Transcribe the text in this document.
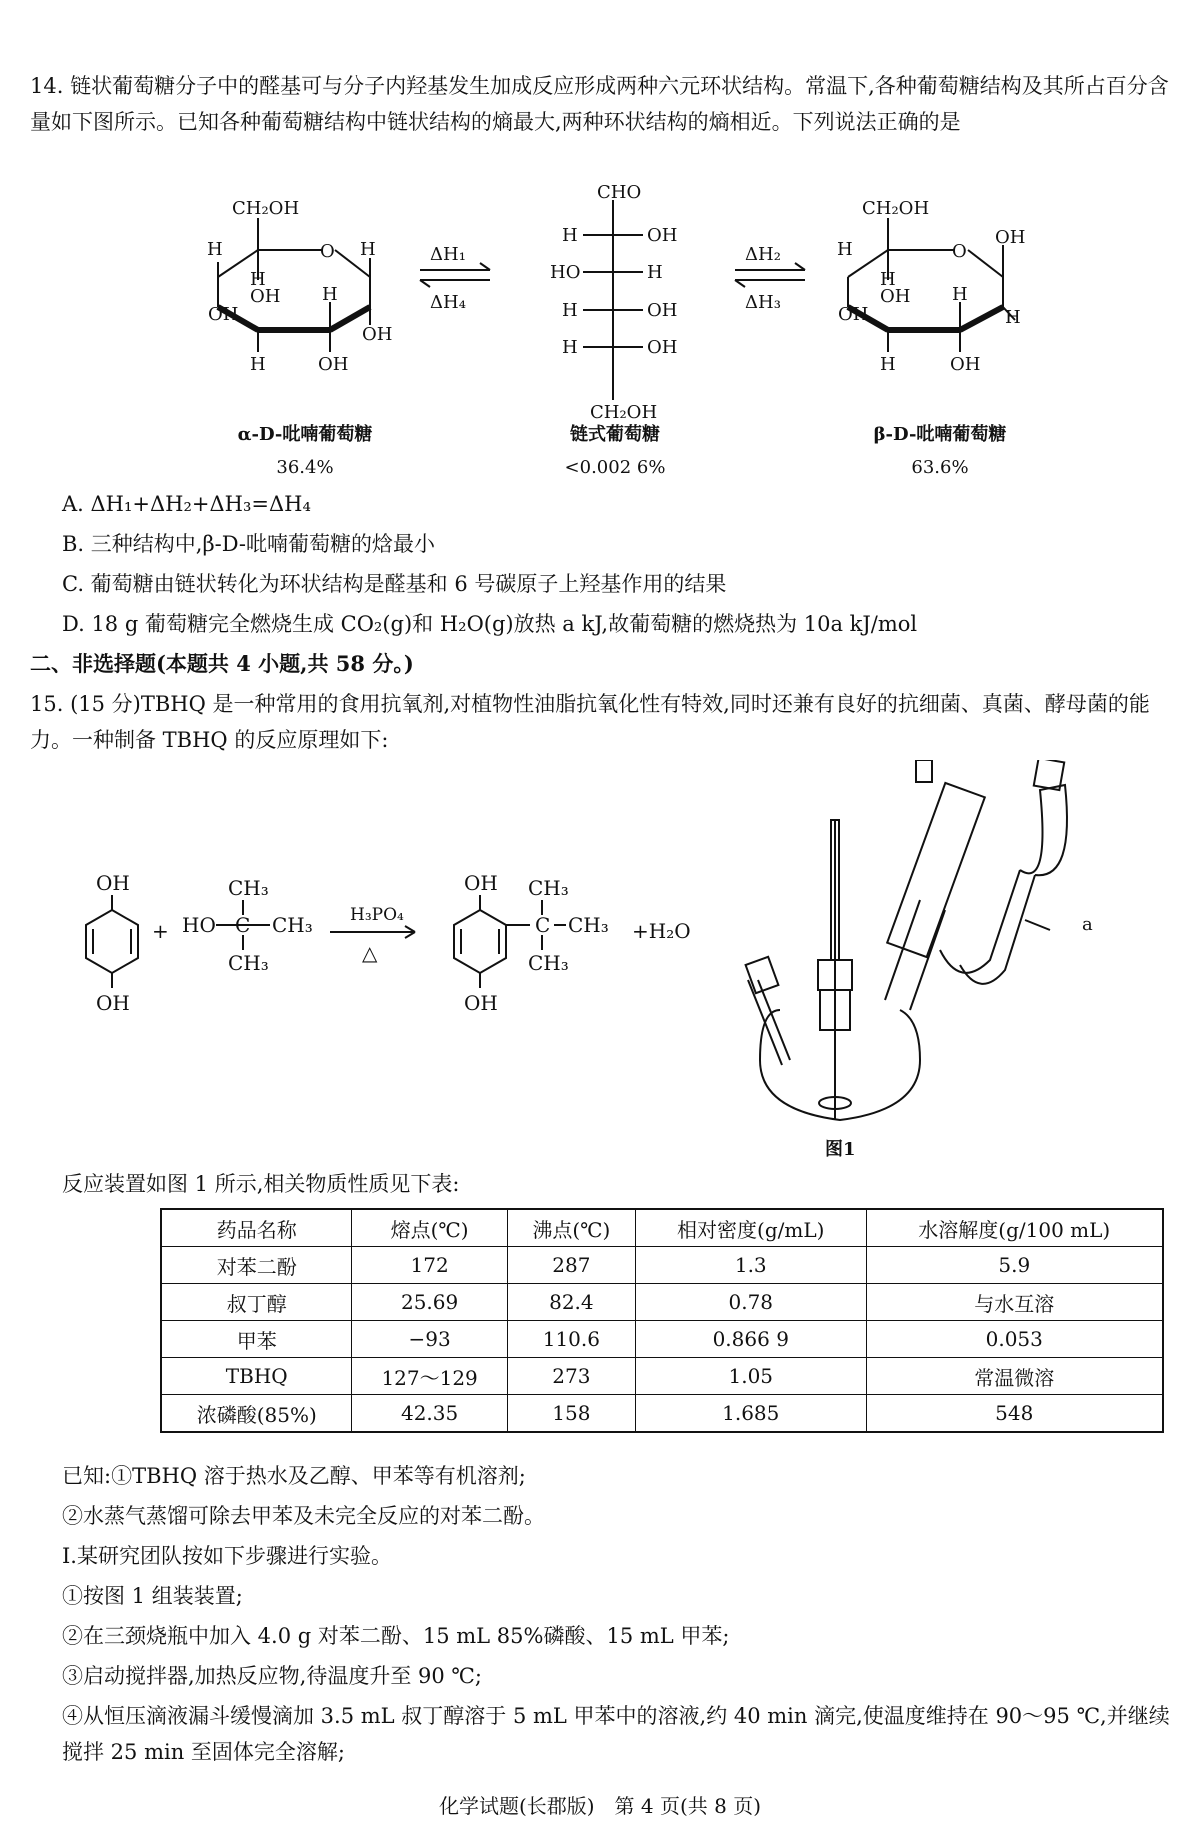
14. 链状葡萄糖分子中的醛基可与分子内羟基发生加成反应形成两种六元环状结构。常温下,各种葡萄糖结构及其所占百分含量如下图所示。已知各种葡萄糖结构中链状结构的熵最大,两种环状结构的熵相近。下列说法正确的是

CH₂OH
O
H	H
H
OH H
OH
OH
H	OH
ΔH₁
ΔH₄
CHO
H	OH
HO	H
H	OH
H	OH
CH₂OH
ΔH₂
ΔH₃
CH₂OH
O
OH
H
H
OH H
OH	H
H	OH
α-D-吡喃葡萄糖
36.4%
链式葡萄糖
<0.002 6%
β-D-吡喃葡萄糖
63.6%

A. ΔH₁+ΔH₂+ΔH₃=ΔH₄

B. 三种结构中,β-D-吡喃葡萄糖的焓最小

C. 葡萄糖由链状转化为环状结构是醛基和 6 号碳原子上羟基作用的结果

D. 18 g 葡萄糖完全燃烧生成 CO₂(g)和 H₂O(g)放热 a kJ,故葡萄糖的燃烧热为 10a kJ/mol

二、非选择题(本题共 4 小题,共 58 分。)

15. (15 分)TBHQ 是一种常用的食用抗氧剂,对植物性油脂抗氧化性有特效,同时还兼有良好的抗细菌、真菌、酵母菌的能力。一种制备 TBHQ 的反应原理如下:

OH
OH
+
CH₃
HO C CH₃
CH₃
H₃PO₄
△
OH
OH
CH₃
C CH₃
CH₃
+H₂O	a
图1

反应装置如图 1 所示,相关物质性质见下表:

药品名称	熔点(℃)	沸点(℃)	相对密度(g/mL)	水溶解度(g/100 mL)
对苯二酚	172	287	1.3	5.9
叔丁醇	25.69	82.4	0.78	与水互溶
甲苯	−93	110.6	0.866 9	0.053
TBHQ	127～129	273	1.05	常温微溶
浓磷酸(85%)	42.35	158	1.685	548

已知:①TBHQ 溶于热水及乙醇、甲苯等有机溶剂;

②水蒸气蒸馏可除去甲苯及未完全反应的对苯二酚。

Ⅰ.某研究团队按如下步骤进行实验。

①按图 1 组装装置;

②在三颈烧瓶中加入 4.0 g 对苯二酚、15 mL 85%磷酸、15 mL 甲苯;

③启动搅拌器,加热反应物,待温度升至 90 ℃;

④从恒压滴液漏斗缓慢滴加 3.5 mL 叔丁醇溶于 5 mL 甲苯中的溶液,约 40 min 滴完,使温度维持在 90～95 ℃,并继续搅拌 25 min 至固体完全溶解;

化学试题(长郡版)　第 4 页(共 8 页)
